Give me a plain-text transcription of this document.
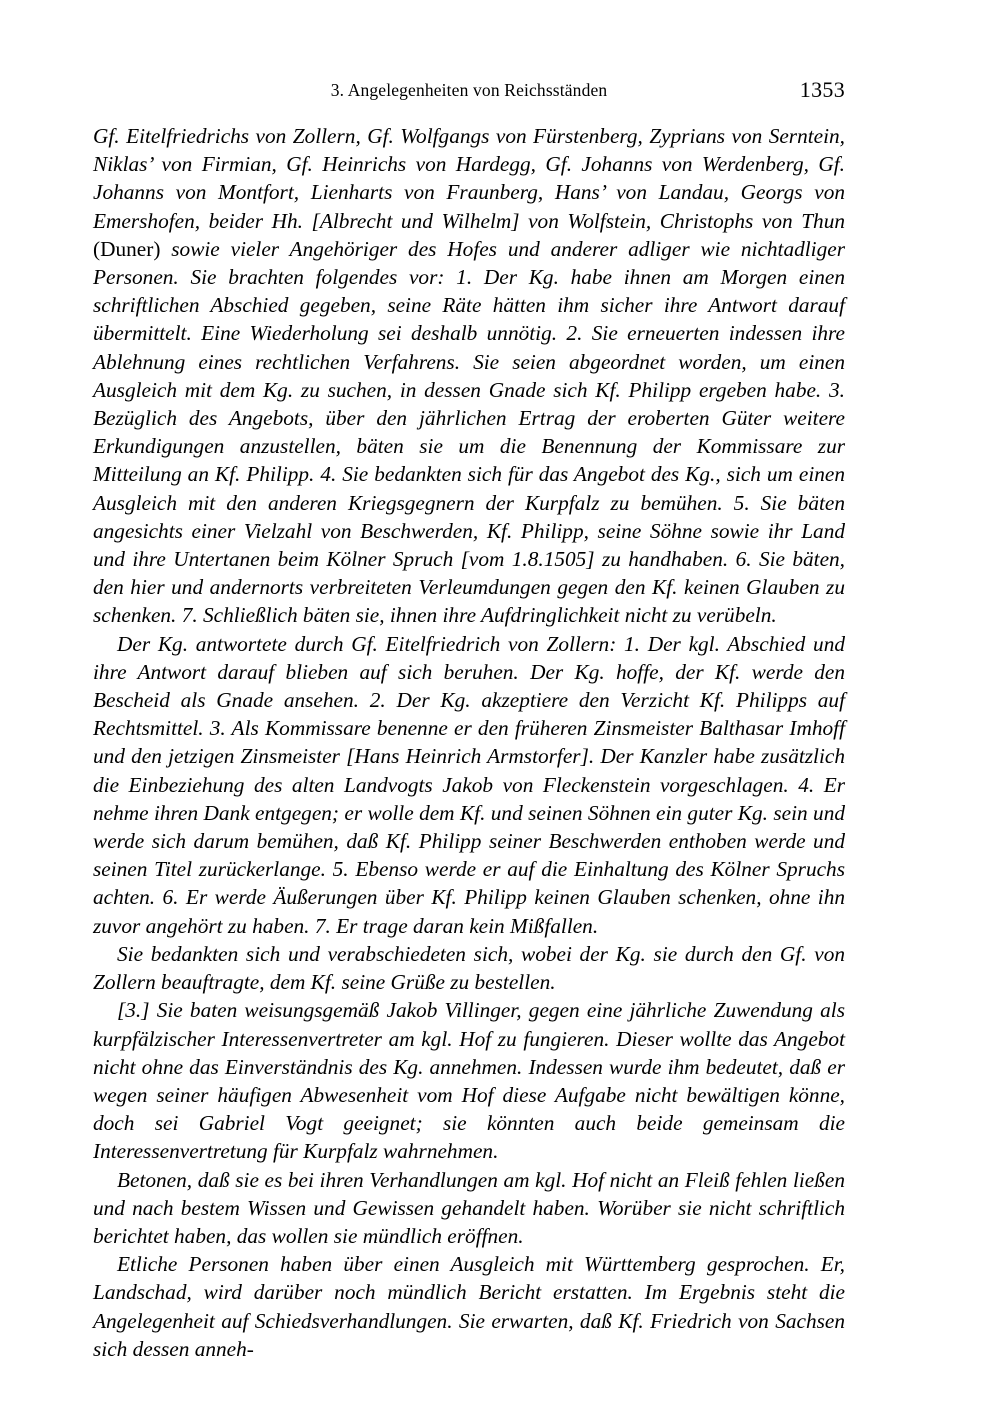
3. Angelegenheiten von Reichsständen	1353

Gf. Eitelfriedrichs von Zollern, Gf. Wolfgangs von Fürstenberg, Zyprians von Serntein, Niklas’ von Firmian, Gf. Heinrichs von Hardegg, Gf. Johanns von Werdenberg, Gf. Johanns von Montfort, Lienharts von Fraunberg, Hans’ von Landau, Georgs von Emershofen, beider Hh. [Albrecht und Wilhelm] von Wolfstein, Christophs von Thun (Duner) sowie vieler Angehöriger des Hofes und anderer adliger wie nichtadliger Personen. Sie brachten folgendes vor: 1. Der Kg. habe ihnen am Morgen einen schriftlichen Abschied gegeben, seine Räte hätten ihm sicher ihre Antwort darauf übermittelt. Eine Wiederholung sei deshalb unnötig. 2. Sie erneuerten indessen ihre Ablehnung eines rechtlichen Verfahrens. Sie seien abgeordnet worden, um einen Ausgleich mit dem Kg. zu suchen, in dessen Gnade sich Kf. Philipp ergeben habe. 3. Bezüglich des Angebots, über den jährlichen Ertrag der eroberten Güter weitere Erkundigungen anzustellen, bäten sie um die Benennung der Kommissare zur Mitteilung an Kf. Philipp. 4. Sie bedankten sich für das Angebot des Kg., sich um einen Ausgleich mit den anderen Kriegsgegnern der Kurpfalz zu bemühen. 5. Sie bäten angesichts einer Vielzahl von Beschwerden, Kf. Philipp, seine Söhne sowie ihr Land und ihre Untertanen beim Kölner Spruch [vom 1.8.1505] zu handhaben. 6. Sie bäten, den hier und andernorts verbreiteten Verleumdungen gegen den Kf. keinen Glauben zu schenken. 7. Schließlich bäten sie, ihnen ihre Aufdringlichkeit nicht zu verübeln.

Der Kg. antwortete durch Gf. Eitelfriedrich von Zollern: 1. Der kgl. Abschied und ihre Antwort darauf blieben auf sich beruhen. Der Kg. hoffe, der Kf. werde den Bescheid als Gnade ansehen. 2. Der Kg. akzeptiere den Verzicht Kf. Philipps auf Rechtsmittel. 3. Als Kommissare benenne er den früheren Zinsmeister Balthasar Imhoff und den jetzigen Zinsmeister [Hans Heinrich Armstorfer]. Der Kanzler habe zusätzlich die Einbeziehung des alten Landvogts Jakob von Fleckenstein vorgeschlagen. 4. Er nehme ihren Dank entgegen; er wolle dem Kf. und seinen Söhnen ein guter Kg. sein und werde sich darum bemühen, daß Kf. Philipp seiner Beschwerden enthoben werde und seinen Titel zurückerlange. 5. Ebenso werde er auf die Einhaltung des Kölner Spruchs achten. 6. Er werde Äußerungen über Kf. Philipp keinen Glauben schenken, ohne ihn zuvor angehört zu haben. 7. Er trage daran kein Mißfallen.

Sie bedankten sich und verabschiedeten sich, wobei der Kg. sie durch den Gf. von Zollern beauftragte, dem Kf. seine Grüße zu bestellen.

[3.] Sie baten weisungsgemäß Jakob Villinger, gegen eine jährliche Zuwendung als kurpfälzischer Interessenvertreter am kgl. Hof zu fungieren. Dieser wollte das Angebot nicht ohne das Einverständnis des Kg. annehmen. Indessen wurde ihm bedeutet, daß er wegen seiner häufigen Abwesenheit vom Hof diese Aufgabe nicht bewältigen könne, doch sei Gabriel Vogt geeignet; sie könnten auch beide gemeinsam die Interessenvertretung für Kurpfalz wahrnehmen.

Betonen, daß sie es bei ihren Verhandlungen am kgl. Hof nicht an Fleiß fehlen ließen und nach bestem Wissen und Gewissen gehandelt haben. Worüber sie nicht schriftlich berichtet haben, das wollen sie mündlich eröffnen.

Etliche Personen haben über einen Ausgleich mit Württemberg gesprochen. Er, Landschad, wird darüber noch mündlich Bericht erstatten. Im Ergebnis steht die Angelegenheit auf Schiedsverhandlungen. Sie erwarten, daß Kf. Friedrich von Sachsen sich dessen anneh-
